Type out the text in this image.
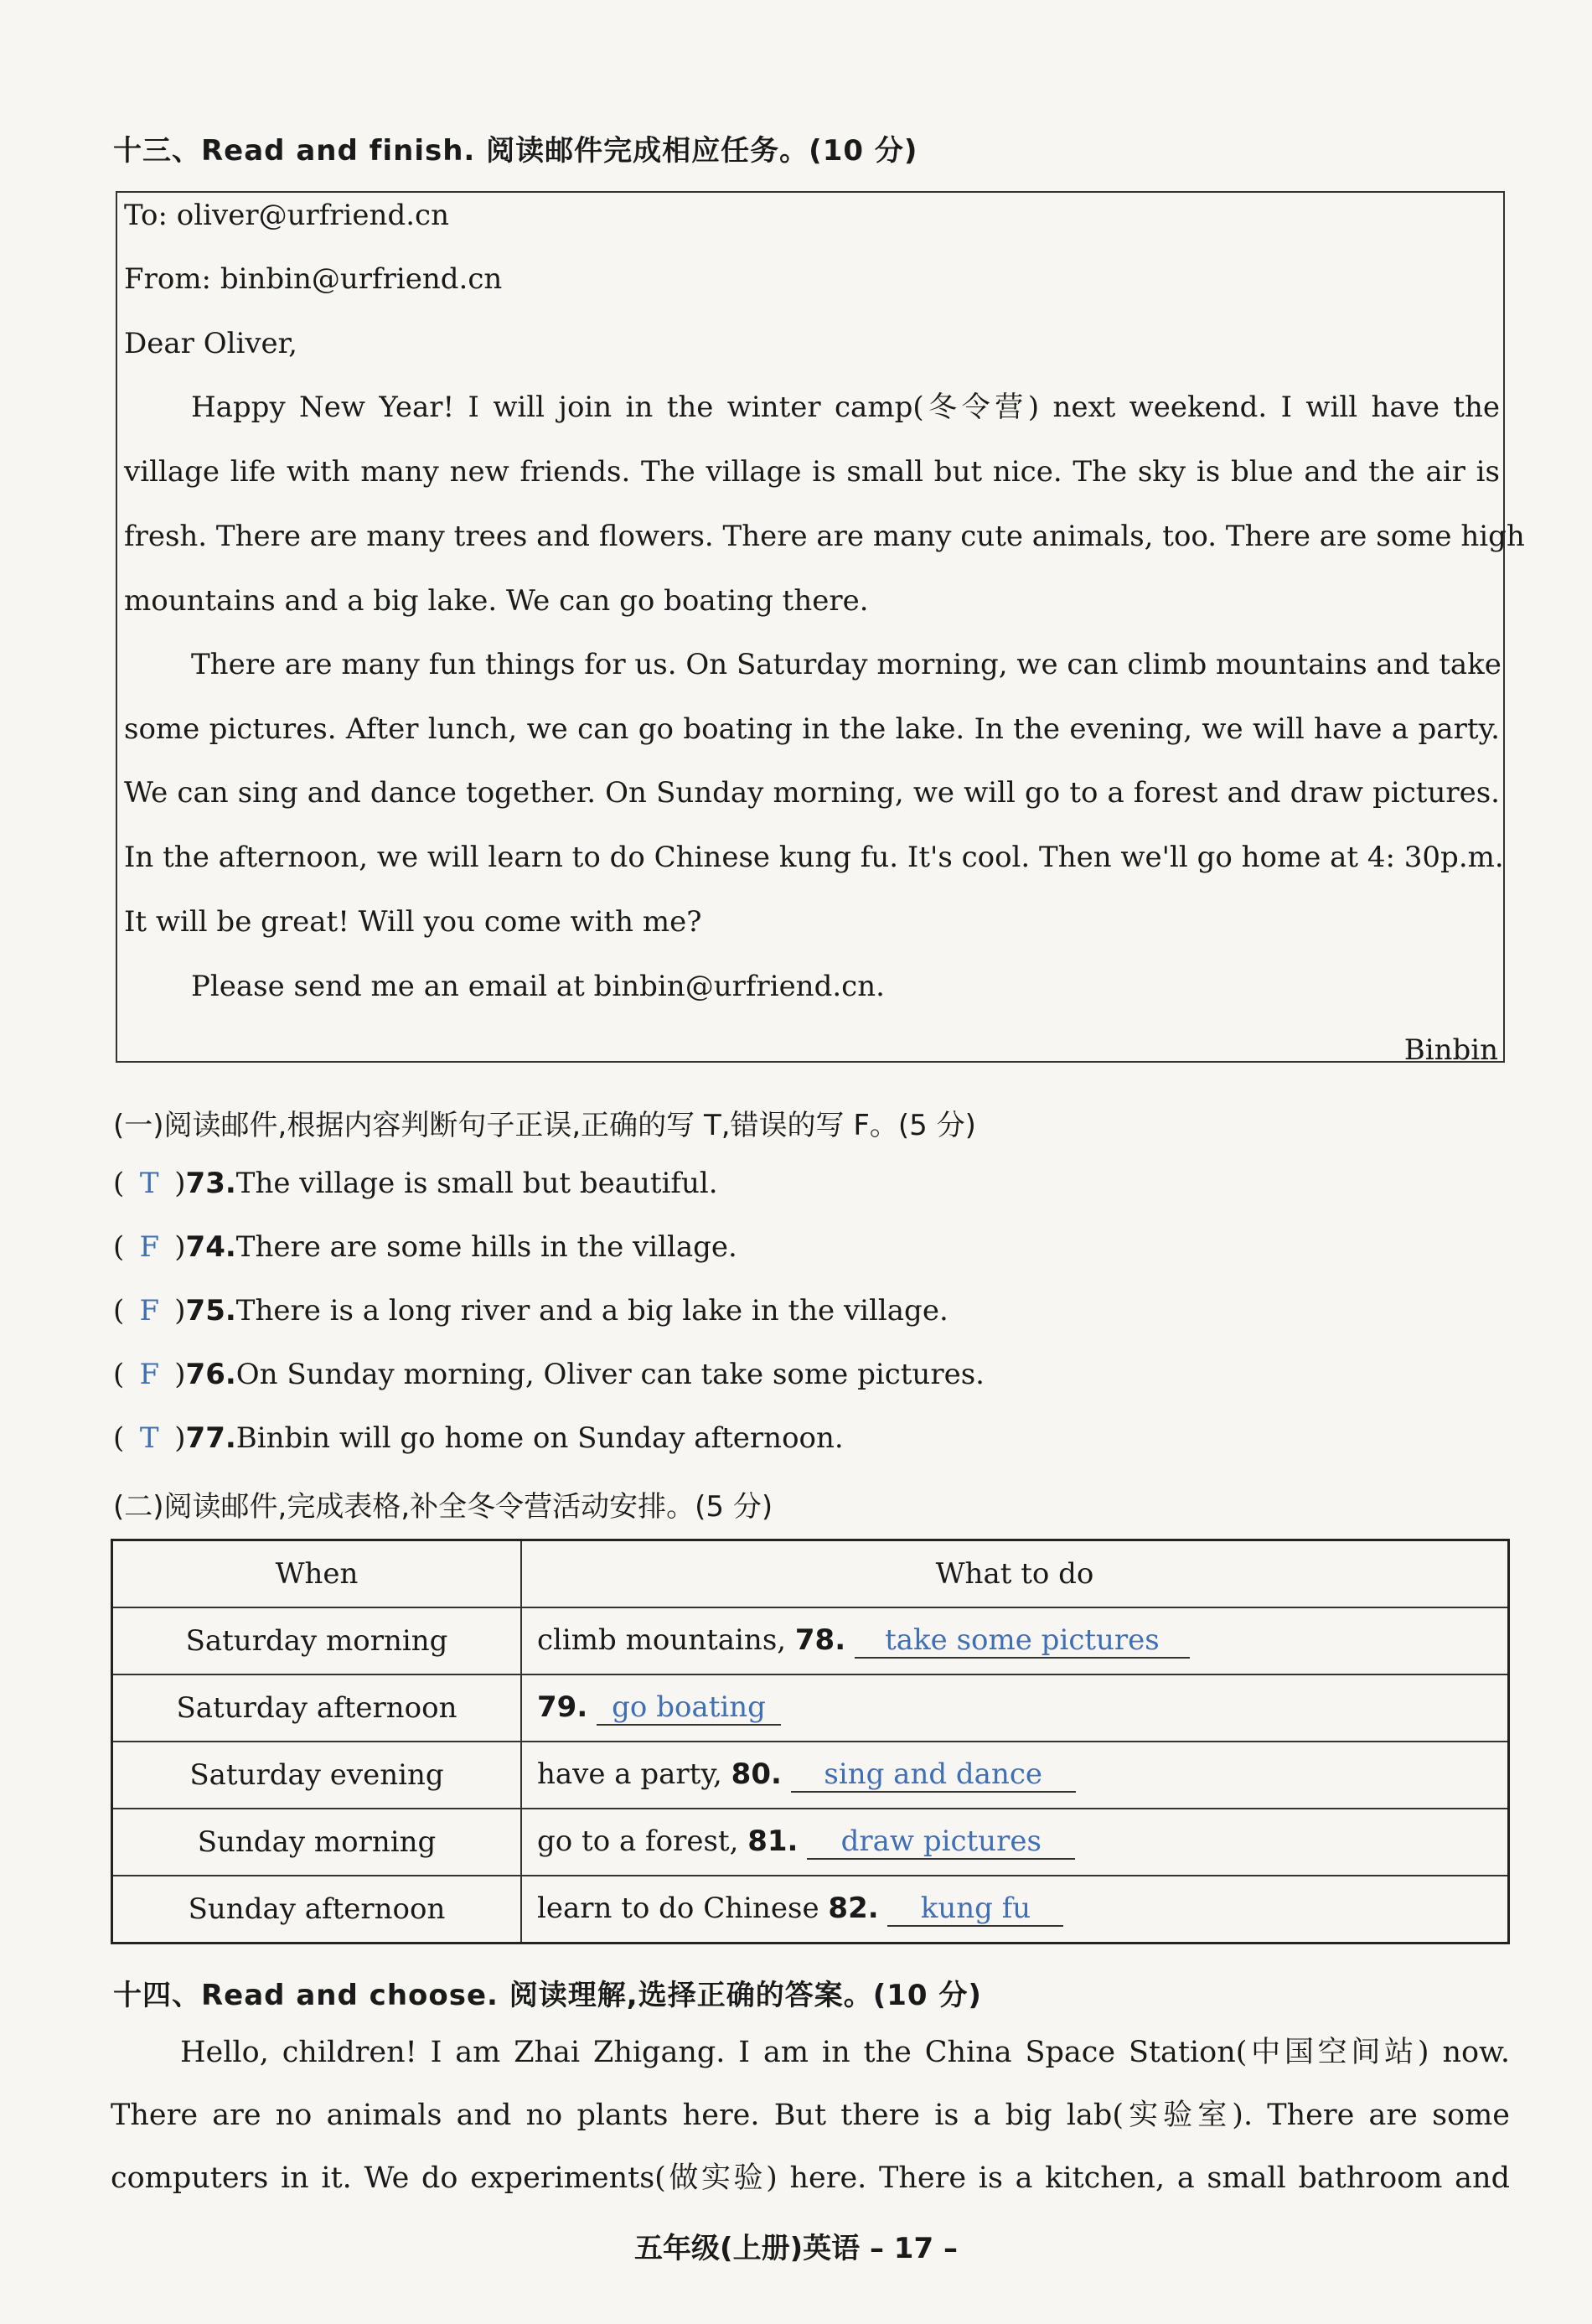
十三、Read and finish. 阅读邮件完成相应任务。(10 分)
To: oliver@urfriend.cn
From: binbin@urfriend.cn
Dear Oliver,
Happy New Year! I will join in the winter camp(冬令营) next weekend. I will have the
village life with many new friends. The village is small but nice. The sky is blue and the air is
fresh. There are many trees and flowers. There are many cute animals, too. There are some high
mountains and a big lake. We can go boating there.
There are many fun things for us. On Saturday morning, we can climb mountains and take
some pictures. After lunch, we can go boating in the lake. In the evening, we will have a party.
We can sing and dance together. On Sunday morning, we will go to a forest and draw pictures.
In the afternoon, we will learn to do Chinese kung fu. It's cool. Then we'll go home at 4: 30p.m.
It will be great! Will you come with me?
Please send me an email at binbin@urfriend.cn.
Binbin
(一)阅读邮件,根据内容判断句子正误,正确的写 T,错误的写 F。(5 分)
( T )73.The village is small but beautiful.
( F )74.There are some hills in the village.
( F )75.There is a long river and a big lake in the village.
( F )76.On Sunday morning, Oliver can take some pictures.
( T )77.Binbin will go home on Sunday afternoon.
(二)阅读邮件,完成表格,补全冬令营活动安排。(5 分)
When	What to do
Saturday morning	climb mountains, 78. take some pictures
Saturday afternoon	79. go boating
Saturday evening	have a party, 80. sing and dance
Sunday morning	go to a forest, 81. draw pictures
Sunday afternoon	learn to do Chinese 82. kung fu
十四、Read and choose. 阅读理解,选择正确的答案。(10 分)
Hello, children! I am Zhai Zhigang. I am in the China Space Station(中国空间站) now.
There are no animals and no plants here. But there is a big lab(实验室). There are some
computers in it. We do experiments(做实验) here. There is a kitchen, a small bathroom and
五年级(上册)英语 – 17 –
